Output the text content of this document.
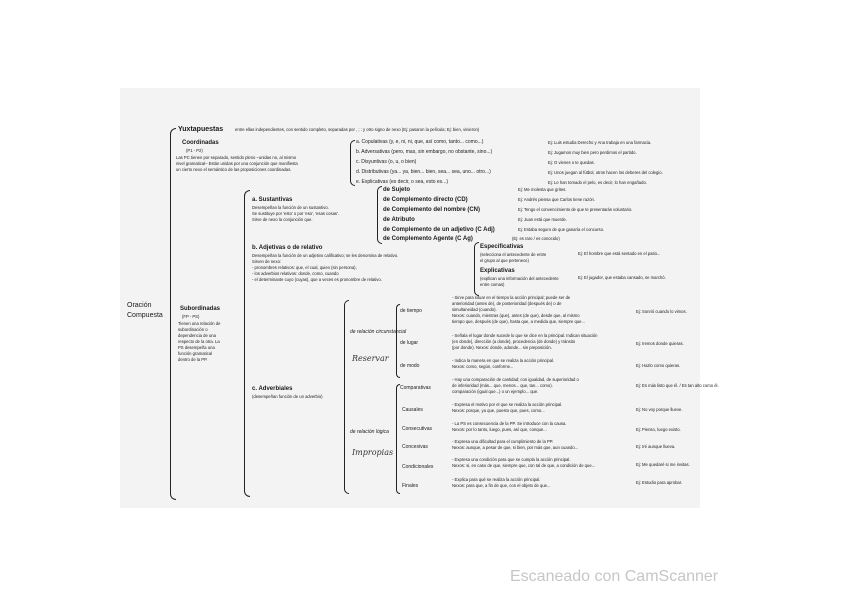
Oración
Compuesta
Yuxtapuestas	entre ellas independientes, con sentido completo, separadas por , ; : y otro signo de nexo (Ej: pasaron la película; Ej: bien, vinieron)
Coordinadas
(P1 - P2)
Las PC tienen por separado, sentido pleno –unidas no, al mismo
nivel gramatical– Están unidas por una conjunción que manifiesta
un cierto nexo el semántico de las proposiciones coordinadas.
a. Copulativas (y, e, ni, ni, que, así como, tanto... como...)	Ej: Luis estudia Derecho y Ana trabaja en una farmacia.
b. Adversativas (pero, mas, sin embargo, no obstante, sino...)	Ej: Jugamos muy bien pero perdimos el partido.
c. Disyuntivas (o, u, o bien)	Ej: O vienes o te quedas.
d. Distributivas (ya... ya, bien... bien, sea... sea, uno... otro...)	Ej: Unos juegan al fútbol, otros hacen los deberes del colegio.
e. Explicativas (es decir, o sea, esto es...)	Ej: Le han tomado el pelo, es decir, lo han engañado.
Subordinadas
(FP - PS)
Tienen una relación de
subordinación o
dependencia de una
respecto de la otra. La
PS desempeña una
función gramatical
dentro de la PP.
a. Sustantivas
Desempeñan la función de un sustantivo.
Se sustituye por 'esto' o por 'eso', 'esas cosas'.
Sirve de nexo la conjunción que.
de Sujeto	Ej: Me molesta que grites.
de Complemento directo (CD)	Ej: Andrés piensa que Carlos tiene razón.
de Complemento del nombre (CN)	Ej: Tengo el convencimiento de que te presentarás voluntario.
de Atributo	Ej: Juan está que muerde.
de Complemento de un adjetivo (C Adj)	Ej: Estaba seguro de que ganaría el concurso.
de Complemento Agente (C Ag)	(Ej: es raro / es conocido)
b. Adjetivas o de relativo
Desempeñan la función de un adjetivo calificativo; se les denomina de relativo.
Sirven de nexo:
- pronombres relativos: que, el cual, quien (sin persona),
- los adverbios relativos: donde, como, cuando
- el determinante cuyo (cuyas), que a veces es pronombre de relativo.
Especificativas
(selecciona el antecedente de entre
el grupo al que pertenece)
Ej: El hombre que está sentado en el patio...
Explicativas
(explican una información del antecedente
entre comas)
Ej: El jugador, que estaba cansado, se marchó.
c. Adverbiales
(desempeñan función de un adverbio)
de relación circunstancial
de relación lógica
Reservar
Impropias
de tiempo
- Sirve para situar en el tiempo la acción principal; puede ser de
anterioridad (antes de), de posterioridad (después de) o de
simultaneidad (cuando).
Nexos: cuando, mientras (que), antes (de que), desde que, al mismo
tiempo que, después (de que), hasta que, a medida que, siempre que...
Ej: Sonrió cuando lo vimos.
de lugar
- Señala el lugar donde sucede lo que se dice en la principal. Indican situación
(en donde), dirección (a donde), procedencia (de donde) y tránsito
(por donde). Nexos: donde, adonde... sin preposición.
Ej: Iremos donde quieras.
de modo
- Indica la manera en que se realiza la acción principal.
Nexos: como, según, conforme...	Ej: Hazlo como quieras.
Comparativas
- Hay una comparación de cantidad; con igualdad, de superioridad o
de inferioridad (más... que, menos... que, tan... como).
comparación (igual que...) o un ejemplo... que.
Ej: Es más listo que él. / Es tan alto como él.
Causales
- Expresa el motivo por el que se realiza la acción principal.
Nexos: porque, ya que, puesto que, pues, como...	Ej: No voy porque llueve.
Consecutivas
- La PS es consecuencia de la PP. Se introduce con la causa.
Nexos: por lo tanto, luego, pues, así que, conque...	Ej: Pienso, luego existo.
Concesivas
- Expresa una dificultad para el cumplimiento de la PP.
Nexos: aunque, a pesar de que, si bien, por más que, aun cuando...	Ej: Iré aunque llueva.
Condicionales
- Expresa una condición para que se cumpla la acción principal.
Nexos: si, en caso de que, siempre que, con tal de que, a condición de que...	Ej: Me quedaré si me invitas.
Finales
- Explica para qué se realiza la acción principal.
Nexos: para que, a fin de que, con el objeto de que...
Ej: Estudio para aprobar.
Escaneado con CamScanner
